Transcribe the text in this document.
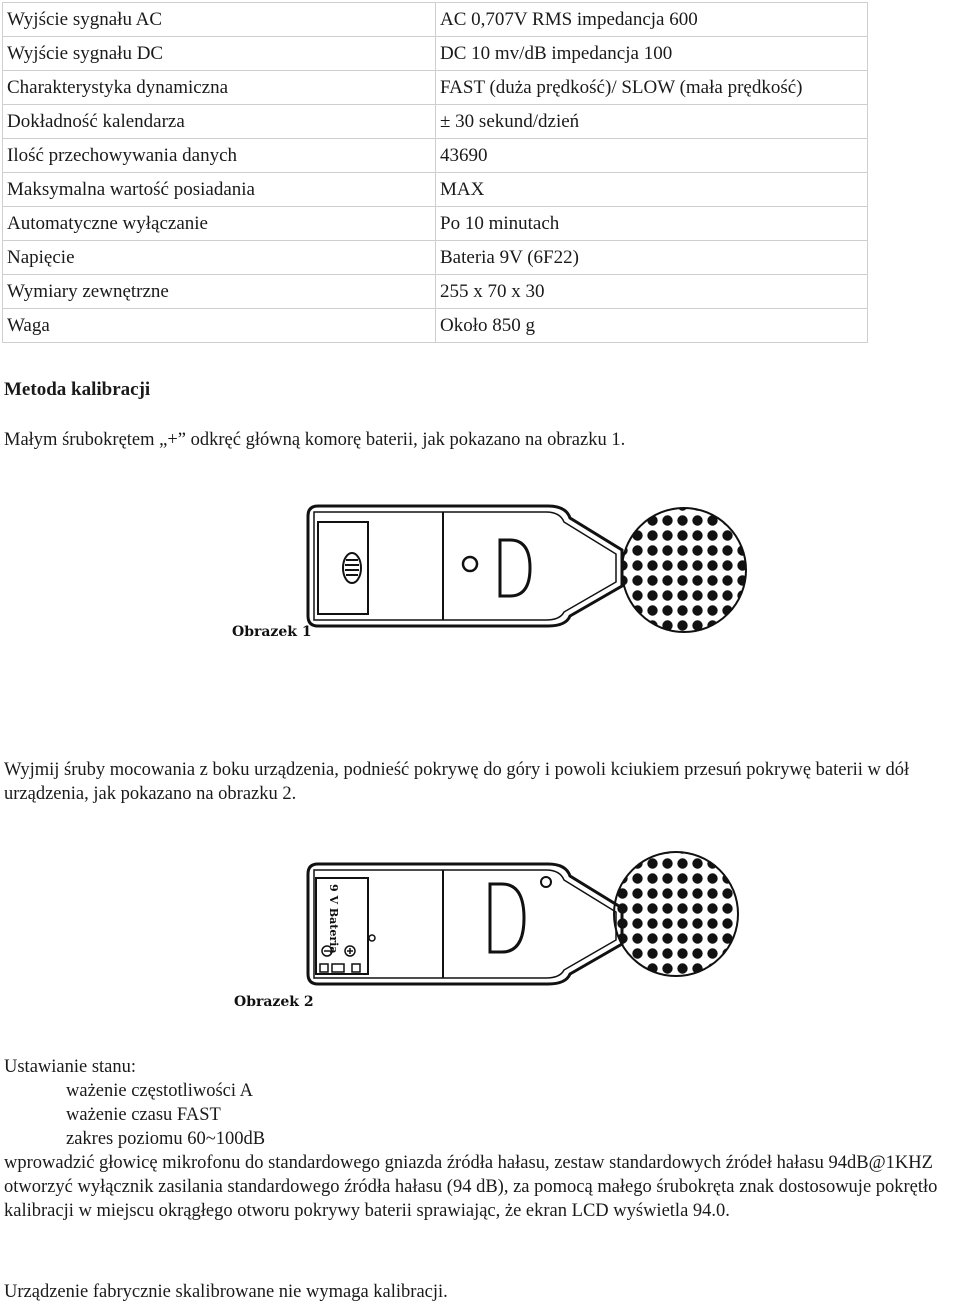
Wyjście sygnału AC	AC 0,707V RMS impedancja 600
Wyjście sygnału DC	DC 10 mv/dB impedancja 100
Charakterystyka dynamiczna	FAST (duża prędkość)/ SLOW (mała prędkość)
Dokładność kalendarza	± 30 sekund/dzień
Ilość przechowywania danych	43690
Maksymalna wartość posiadania	MAX
Automatyczne wyłączanie	Po 10 minutach
Napięcie	Bateria 9V (6F22)
Wymiary zewnętrzne	255 x 70 x 30
Waga	Około 850 g
Metoda kalibracji
Małym śrubokrętem „+” odkręć główną komorę baterii, jak pokazano na obrazku 1.
Obrazek 1
Wyjmij śruby mocowania z boku urządzenia, podnieść pokrywę do góry i powoli kciukiem przesuń pokrywę baterii w dół urządzenia, jak pokazano na obrazku 2.
9 V Bateria
Obrazek 2
Ustawianie stanu:
ważenie częstotliwości A
ważenie czasu FAST
zakres poziomu 60~100dB
wprowadzić głowicę mikrofonu do standardowego gniazda źródła hałasu, zestaw standardowych źródeł hałasu 94dB@1KHZ otworzyć wyłącznik zasilania standardowego źródła hałasu (94 dB), za pomocą małego śrubokręta znak dostosowuje pokrętło kalibracji w miejscu okrągłego otworu pokrywy baterii sprawiając, że ekran LCD wyświetla 94.0.
Urządzenie fabrycznie skalibrowane nie wymaga kalibracji.
